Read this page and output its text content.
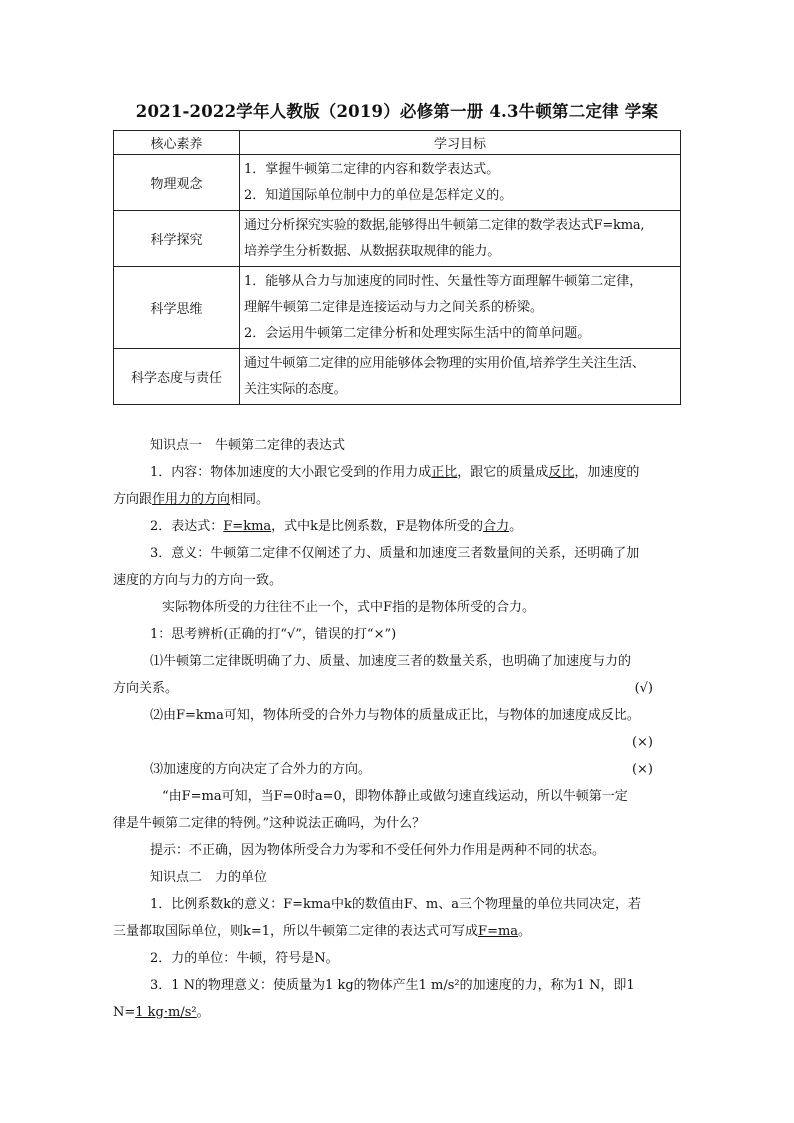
2021-2022学年人教版（2019）必修第一册 4.3牛顿第二定律 学案
核心素养	学习目标
物理观念	1．掌握牛顿第二定律的内容和数学表达式。
2．知道国际单位制中力的单位是怎样定义的。

科学探究	通过分析探究实验的数据,能够得出牛顿第二定律的数学表达式F=kma,
培养学生分析数据、从数据获取规律的能力。

科学思维	1．能够从合力与加速度的同时性、矢量性等方面理解牛顿第二定律，
理解牛顿第二定律是连接运动与力之间关系的桥梁。
2．会运用牛顿第二定律分析和处理实际生活中的简单问题。

科学态度与责任	通过牛顿第二定律的应用能够体会物理的实用价值,培养学生关注生活、
关注实际的态度。
知识点一　牛顿第二定律的表达式
1．内容：物体加速度的大小跟它受到的作用力成正比，跟它的质量成反比，加速度的
方向跟作用力的方向相同。
2．表达式：F=kma，式中k是比例系数，F是物体所受的合力。
3．意义：牛顿第二定律不仅阐述了力、质量和加速度三者数量间的关系，还明确了加
速度的方向与力的方向一致。
实际物体所受的力往往不止一个，式中F指的是物体所受的合力。
1：思考辨析(正确的打“√”，错误的打“×”)
⑴牛顿第二定律既明确了力、质量、加速度三者的数量关系，也明确了加速度与力的
方向关系。	(√)
⑵由F=kma可知，物体所受的合外力与物体的质量成正比，与物体的加速度成反比。
(×)
⑶加速度的方向决定了合外力的方向。	(×)
“由F=ma可知，当F=0时a=0，即物体静止或做匀速直线运动，所以牛顿第一定
律是牛顿第二定律的特例。”这种说法正确吗，为什么？
提示：不正确，因为物体所受合力为零和不受任何外力作用是两种不同的状态。
知识点二　力的单位
1．比例系数k的意义：F=kma中k的数值由F、m、a三个物理量的单位共同决定，若
三量都取国际单位，则k=1，所以牛顿第二定律的表达式可写成F=ma。
2．力的单位：牛顿，符号是N。
3．1 N的物理意义：使质量为1 kg的物体产生1 m/s²的加速度的力，称为1 N，即1
N=1 kg·m/s²。
